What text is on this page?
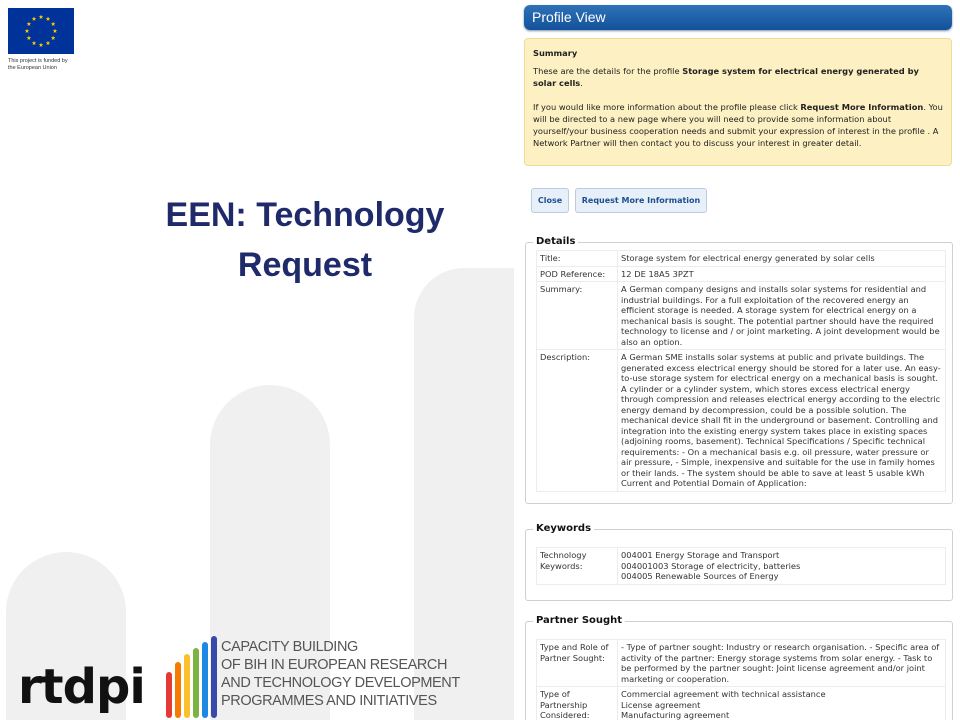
This project is funded by
the European Union
EEN: Technology
Request
rtdpi
CAPACITY BUILDING
OF BIH IN EUROPEAN RESEARCH
AND TECHNOLOGY DEVELOPMENT
PROGRAMMES AND INITIATIVES
Profile View

Summary

These are the details for the profile Storage system for electrical energy generated by solar cells.

If you would like more information about the profile please click Request More Information. You will be directed to a new page where you will need to provide some information about yourself/your business cooperation needs and submit your expression of interest in the profile . A Network Partner will then contact you to discuss your interest in greater detail.

Close	Request More Information
Details
Title:	Storage system for electrical energy generated by solar cells
POD Reference:	12 DE 18A5 3PZT
Summary:	A German company designs and installs solar systems for residential and industrial buildings. For a full exploitation of the recovered energy an efficient storage is needed. A storage system for electrical energy on a mechanical basis is sought. The potential partner should have the required technology to license and / or joint marketing. A joint development would be also an option.
Description:	A German SME installs solar systems at public and private buildings. The generated excess electrical energy should be stored for a later use. An easy-to-use storage system for electrical energy on a mechanical basis is sought. A cylinder or a cylinder system, which stores excess electrical energy through compression and releases electrical energy according to the electric energy demand by decompression, could be a possible solution. The mechanical device shall fit in the underground or basement. Controlling and integration into the existing energy system takes place in existing spaces (adjoining rooms, basement). Technical Specifications / Specific technical requirements: - On a mechanical basis e.g. oil pressure, water pressure or air pressure, - Simple, inexpensive and suitable for the use in family homes or their lands. - The system should be able to save at least 5 usable kWh Current and Potential Domain of Application:
Keywords
Technology Keywords:
004001 Energy Storage and Transport
004001003 Storage of electricity, batteries
004005 Renewable Sources of Energy
Partner Sought
Type and Role of Partner Sought:
- Type of partner sought: Industry or research organisation. - Specific area of activity of the partner: Energy storage systems from solar energy. - Task to be performed by the partner sought: Joint license agreement and/or joint marketing or cooperation.
Type of Partnership Considered:
Commercial agreement with technical assistance
License agreement
Manufacturing agreement
